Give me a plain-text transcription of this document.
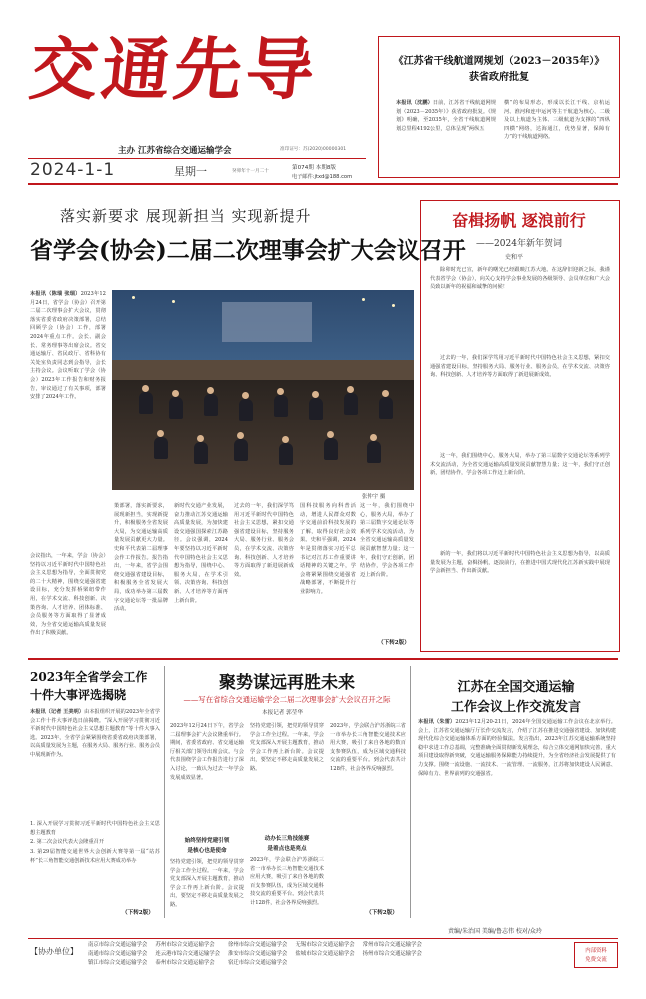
交通先导
主办 江苏省综合交通运输学会	准印证号：苏(2020)00000301
2024-1-1	星期一	癸卯年十一月二十
第074期 本期8版
电子邮件:jtxd@188.com
《江苏省干线航道网规划（2023－2035年）》
获省政府批复
本报讯（沈鹏）日前，江苏省干线航道网规划（2023－2035年）》获省政府批复。《规划》明确，至2035年，全省干线航道网规划总里程4192公里，总体呈现“两纵五
横”的布局形态，形成以长江干线、京杭运河、淮河和连申运河等主干航道为核心、二级及以上航道为主体、三级航道为支撑的“四纵四横”网络，达海通江，优势显著，保障有力”的干线航道网络。
落实新要求 展现新担当 实现新提升
省学会(协会)二届二次理事会扩大会议召开
本报讯（陈瑞 张瑞）2023年12月24日，省学会（协会）召开第二届二次理事会扩大会议，贯彻落实省委省政府决策部署，总结回顾学会（协会）工作，部署2024年重点工作。会长、副会长、常务理事等出席会议。省交通运输厅、省民政厅、省科协有关处室负责同志到会指导，会长主持会议。会议听取了学会（协会）2023年工作报告和财务报告，审议通过了有关事项，部署安排了2024年工作。
会议指出，一年来，学会（协会）坚持以习近平新时代中国特色社会主义思想为指导，全面贯彻党的二十大精神，围绕交通强省建设目标，充分发挥桥梁纽带作用，在学术交流、科技创新、决策咨询、人才培养、团体标准、会员服务等方面取得了显著成效，为全省交通运输高质量发展作出了积极贡献。
张仲宇 摄
策部署，落实新要求，展现新担当，实现新提升，积极服务全省发展大局，为交通运输高质量发展贡献更大力量。史和平代表第二届理事会作工作报告。报告指出，一年来，省学会围绕交通强省建设目标，积极服务全省发展大局，成功举办第三届数字交通论坛等一批品牌活动。
新时代交通产业发展，奋力推动江苏交通运输高质量发展，为加快建设交通强国探索江苏路径。会议强调，2024年要坚持以习近平新时代中国特色社会主义思想为指导，围绕中心、服务大局，在学术引领、决策咨询、科技创新、人才培养等方面再上新台阶。
过去的一年，我们深学笃用习近平新时代中国特色社会主义思想，紧扣交通强省建设目标，坚持服务大局、服务行业、服务会员，在学术交流、决策咨询、科技创新、人才培养等方面取得了新进展新成效。
国科技服务向科普活动，增进人民群众对数字交通前沿科技发展的了解，取得良好社会效果。史和平强调，2024年是贯彻落实习近平总书记对江苏工作重要讲话精神的关键之年，学会将紧紧围绕交通强省战略部署，不断提升行业影响力。
这一年，我们围绕中心，服务大局，举办了第三届数字交通论坛等系列学术交流活动，为全省交通运输高质量发展贡献智慧力量；这一年，我们守正创新，团结协作，学会各项工作迈上新台阶。
（下转2版）
奋楫扬帆 逐浪前行
——2024年新年贺词
史和平
除卯时光已宣，新年的曙光已经跟映江苏大地。在这辞旧迎新之际，我谨代表省学会（协会），向关心支持学会事业发展的各级领导、会员单位和广大会员致以新年的祝福和诚挚的问候！
过去的一年，我们深学笃用习近平新时代中国特色社会主义思想，紧扣交通强省建设目标，坚持服务大局、服务行业、服务会员，在学术交流、决策咨询、科技创新、人才培养等方面取得了新进展新成效。
这一年，我们围绕中心，服务大局，举办了第三届数字交通论坛等系列学术交流活动，为全省交通运输高质量发展贡献智慧力量；这一年，我们守正创新，团结协作，学会各项工作迈上新台阶。
新的一年，我们将以习近平新时代中国特色社会主义思想为指导，以高质量发展为主题，奋楫扬帆，逐浪前行，在推进中国式现代化江苏新实践中展现学会新担当、作出新贡献。
2023年全省学会工作
十件大事评选揭晓
本报讯（记者 王美明）由本报组织开展的2023年全省学会工作十件大事评选日前揭晓。“深入开展学习贯彻习近平新时代中国特色社会主义思想主题教育”等十件大事入选。2023年，全省学会紧紧围绕省委省政府决策部署，以高质量发展为主题，在服务大局、服务行业、服务会员中展现新作为。
1. 深入开展学习贯彻习近平新时代中国特色社会主义思想主题教育
2. 第二次会议代表大会隆重召开
3. 第29届智能交通世界大会创新大赛等第一届“站苏杯”长三角智能交通创新技术应用大赛成功举办
（下转2版）
聚势谋远再胜未来
——写在省综合交通运输学会二届二次理事会扩大会议召开之际
本报记者 郭莹华
2023年12月24日下午，省学会二届理事会扩大会议隆重举行。期间，省委省政府、省交通运输厅相关部门领导出席会议。与会代表围绕学会工作报告进行了深入讨论，一致认为过去一年学会发展成效显著。
始终坚持党建引领
是核心也是使命
坚持党建引领，把党的领导贯穿学会工作全过程。一年来，学会党支部深入开展主题教育，推动学会工作再上新台阶。会议提出，要坚定不移走高质量发展之路。
坚持党建引领，把党的领导贯穿学会工作全过程。一年来，学会党支部深入开展主题教育，推动学会工作再上新台阶。会议提出，要坚定不移走高质量发展之路。
动办长三角技能赛
是着点也是亮点
2023年，学会联合沪苏浙皖三省一市举办长三角智能交通技术应用大赛，吸引了来自各地的数百支参赛队伍，成为区域交通科技交流的重要平台。到会代表共计128件，社会各界反响强烈。
2023年，学会联合沪苏浙皖三省一市举办长三角智能交通技术应用大赛，吸引了来自各地的数百支参赛队伍，成为区域交通科技交流的重要平台。到会代表共计128件，社会各界反响强烈。
（下转2版）
江苏在全国交通运输
工作会议上作交流发言
本报讯（朱雷）2023年12月20-21日，2024年全国交通运输工作会议在北京举行。会上，江苏省交通运输厅厅长作交流发言，介绍了江苏在推进交通强省建设、加快构建现代化综合交通运输体系方面的经验做法。发言指出，2023年江苏交通运输系统坚持稳中求进工作总基调，完整准确全面贯彻新发展理念，综合立体交通网加快完善，重大项目建设取得新突破，交通运输服务保障能力持续提升，为全省经济社会发展提供了有力支撑。围绕一流设施、一流技术、一流管理、一流服务，江苏将加快建设人民满意、保障有力、世界前列的交通强省。
责编/朱治国 美编/鲁志伟 校对/众玲
【协办单位】
南京市综合交通运输学会	苏州市综合交通运输学会	徐州市综合交通运输学会	无锡市综合交通运输学会	常州市综合交通运输学会
南通市综合交通运输学会	连云港市综合交通运输学会	淮安市综合交通运输学会	盐城市综合交通运输学会	扬州市综合交通运输学会
镇江市综合交通运输学会	泰州市综合交通运输学会	宿迁市综合交通运输学会		
内部资料
免费交流
